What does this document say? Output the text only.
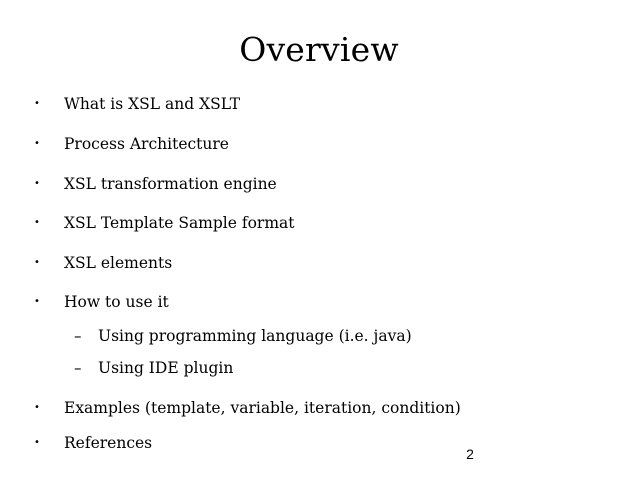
Overview
• What is XSL and XSLT
• Process Architecture
• XSL transformation engine
• XSL Template Sample format
• XSL elements
• How to use it
– Using programming language (i.e. java)
– Using IDE plugin
• Examples (template, variable, iteration, condition)
• References
2
